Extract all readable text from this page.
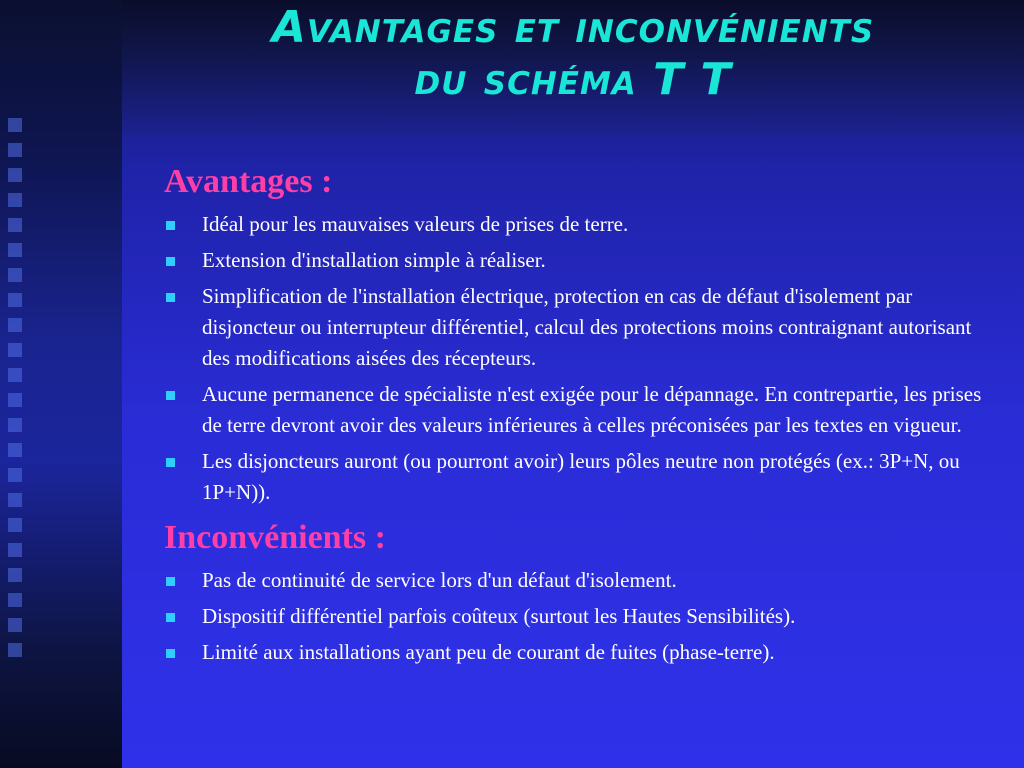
Avantages et inconvénients
du schéma T T
Avantages :
Idéal pour les mauvaises valeurs de prises de terre.
Extension d'installation simple à réaliser.
Simplification de l'installation électrique, protection en cas de défaut d'isolement par disjoncteur ou interrupteur différentiel, calcul des protections moins contraignant autorisant des modifications aisées des récepteurs.
Aucune permanence de spécialiste n'est exigée pour le dépannage. En contrepartie, les prises de terre devront avoir des valeurs inférieures à celles préconisées par les textes en vigueur.
Les disjoncteurs auront (ou pourront avoir) leurs pôles neutre non protégés (ex.: 3P+N, ou 1P+N)).
Inconvénients :
Pas de continuité de service lors d'un défaut d'isolement.
Dispositif différentiel parfois coûteux (surtout les Hautes Sensibilités).
Limité aux installations ayant peu de courant de fuites (phase-terre).
